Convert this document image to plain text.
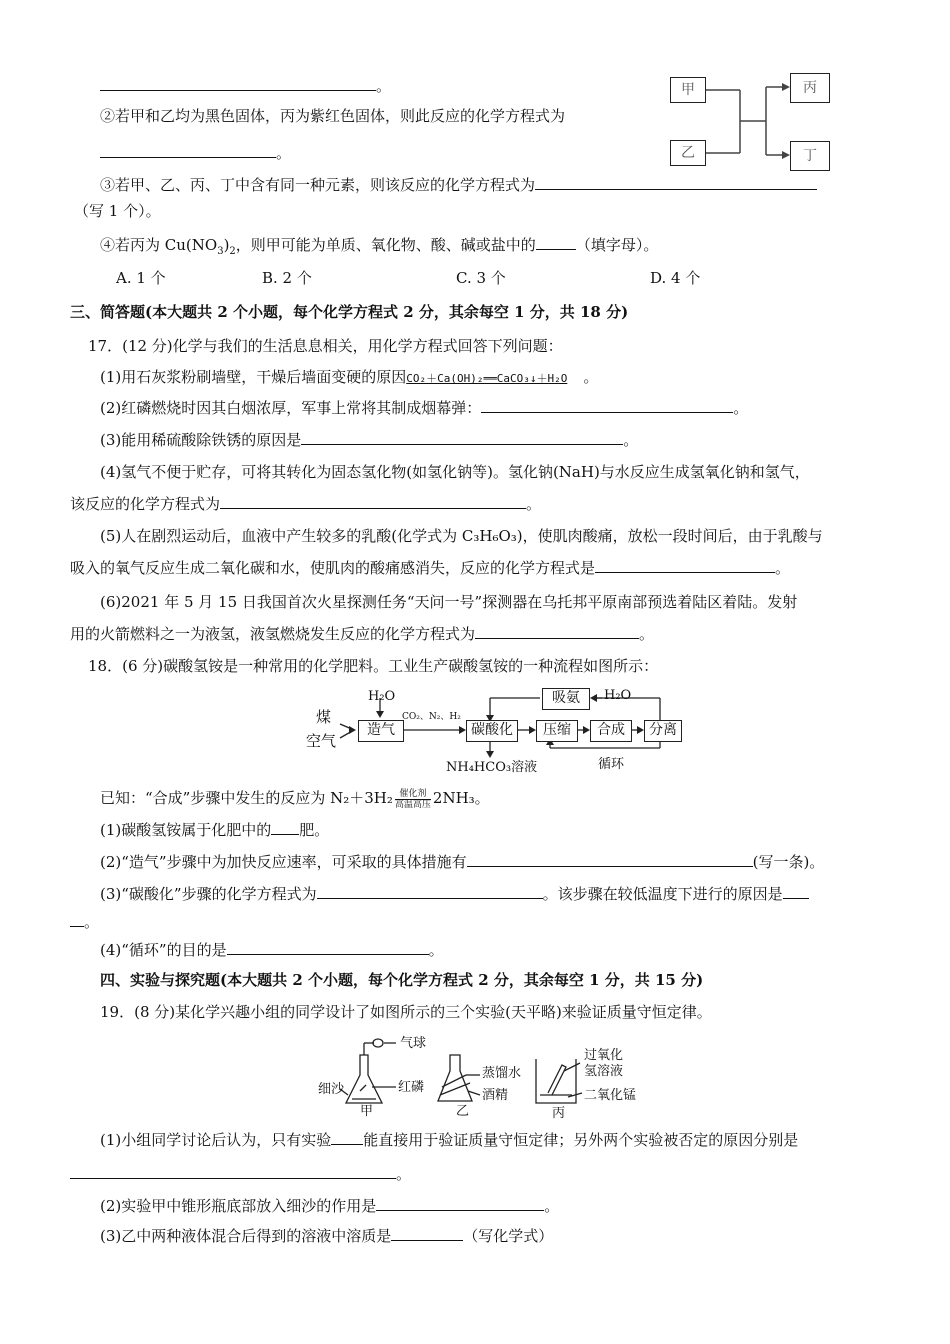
。
②若甲和乙均为黑色固体，丙为紫红色固体，则此反应的化学方程式为
。
③若甲、乙、丙、丁中含有同一种元素，则该反应的化学方程式为
（写 1 个）。
④若丙为 $Cu(NO_3)_2$，则甲可能为单质、氧化物、酸、碱或盐中的	（填字母）。
A. 1 个	B. 2 个	C. 3 个	D. 4 个
甲
乙
丙
丁
三、简答题(本大题共 2 个小题，每个化学方程式 2 分，其余每空 1 分，共 18 分)
17．(12 分)化学与我们的生活息息相关，用化学方程式回答下列问题：
(1)用石灰浆粉刷墙壁，干燥后墙面变硬的原因CO₂＋Ca(OH)₂══CaCO₃↓＋H₂O 。
(2)红磷燃烧时因其白烟浓厚，军事上常将其制成烟幕弹：	。
(3)能用稀硫酸除铁锈的原因是	。
(4)氢气不便于贮存，可将其转化为固态氢化物(如氢化钠等)。氢化钠(NaH)与水反应生成氢氧化钠和氢气，
该反应的化学方程式为	。
(5)人在剧烈运动后，血液中产生较多的乳酸(化学式为 C₃H₆O₃)，使肌肉酸痛，放松一段时间后，由于乳酸与
吸入的氧气反应生成二氧化碳和水，使肌肉的酸痛感消失，反应的化学方程式是	。
(6)2021 年 5 月 15 日我国首次火星探测任务“天问一号”探测器在乌托邦平原南部预选着陆区着陆。发射
用的火箭燃料之一为液氢，液氢燃烧发生反应的化学方程式为	。
18．(6 分)碳酸氢铵是一种常用的化学肥料。工业生产碳酸氢铵的一种流程如图所示：
煤
空气
H₂O
造气
CO₂、N₂、H₂
碳酸化	压缩	合成	分离
吸氨	H₂O
NH₄HCO₃溶液	循环
已知：“合成”步骤中发生的反应为 N₂＋3H₂ 催化剂
高温高压 2NH₃。
(1)碳酸氢铵属于化肥中的 肥。
(2)“造气”步骤中为加快反应速率，可采取的具体措施有	(写一条)。
(3)“碳酸化”步骤的化学方程式为	。该步骤在较低温度下进行的原因是
。
(4)“循环”的目的是	。
四、实验与探究题(本大题共 2 个小题，每个化学方程式 2 分，其余每空 1 分，共 15 分)
19．(8 分)某化学兴趣小组的同学设计了如图所示的三个实验(天平略)来验证质量守恒定律。
气球
细沙	红磷
甲
蒸馏水
酒精
乙
过氧化
氢溶液
二氧化锰
丙
(1)小组同学讨论后认为，只有实验 能直接用于验证质量守恒定律；另外两个实验被否定的原因分别是
。
(2)实验甲中锥形瓶底部放入细沙的作用是	。
(3)乙中两种液体混合后得到的溶液中溶质是	（写化学式）
